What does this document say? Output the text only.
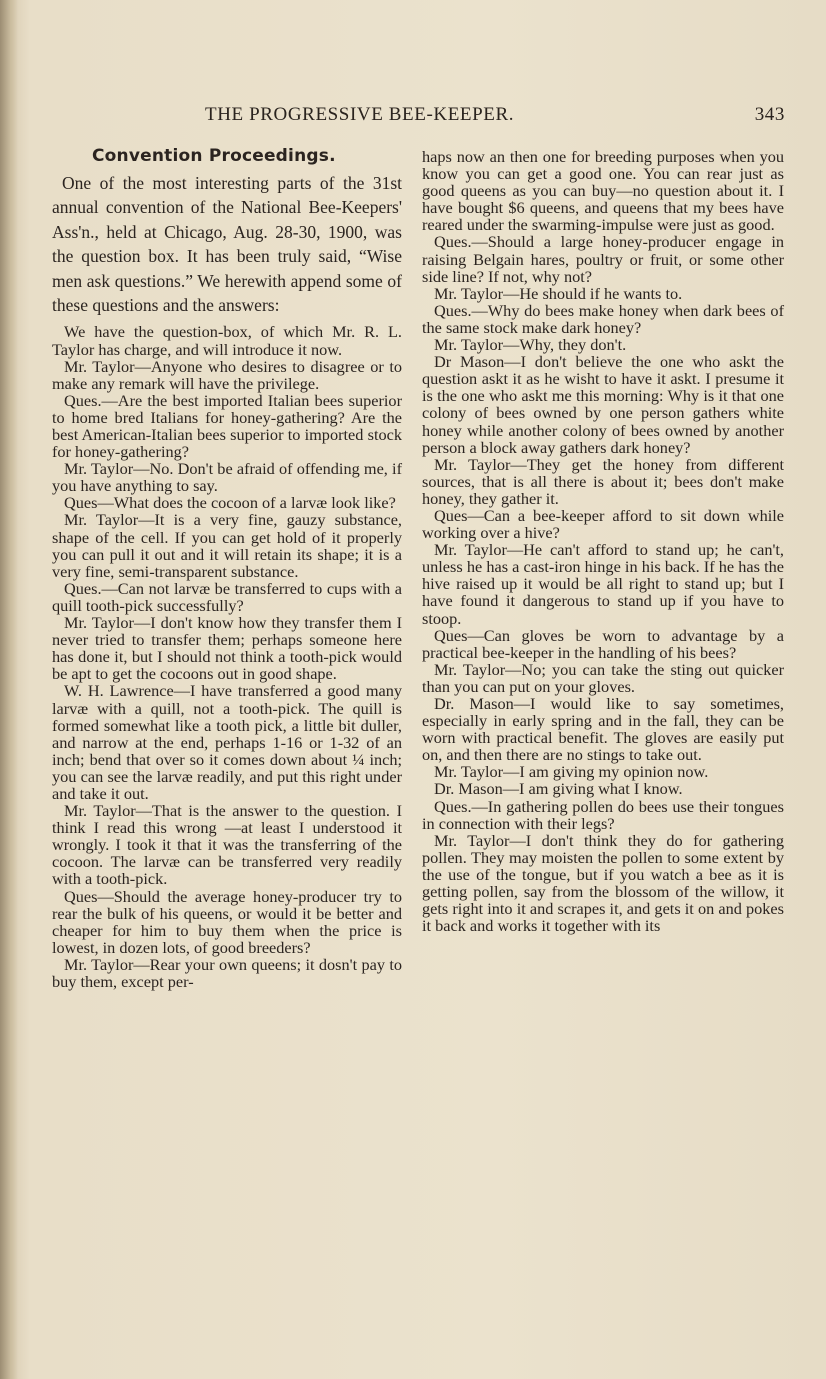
THE PROGRESSIVE BEE-KEEPER.	343
Convention Proceedings.

One of the most interesting parts of the 31st annual convention of the National Bee-Keepers' Ass'n., held at Chicago, Aug. 28-30, 1900, was the question box. It has been truly said, “Wise men ask questions.” We herewith append some of these questions and the answers:

We have the question-box, of which Mr. R. L. Taylor has charge, and will introduce it now.

Mr. Taylor—Anyone who desires to disagree or to make any remark will have the privilege.

Ques.—Are the best imported Italian bees superior to home bred Italians for honey-gathering? Are the best American-Italian bees superior to imported stock for honey-gathering?

Mr. Taylor—No. Don't be afraid of offending me, if you have anything to say.

Ques—What does the cocoon of a larvæ look like?

Mr. Taylor—It is a very fine, gauzy substance, shape of the cell. If you can get hold of it properly you can pull it out and it will retain its shape; it is a very fine, semi-transparent substance.

Ques.—Can not larvæ be transferred to cups with a quill tooth-pick successfully?

Mr. Taylor—I don't know how they transfer them I never tried to transfer them; perhaps someone here has done it, but I should not think a tooth-pick would be apt to get the cocoons out in good shape.

W. H. Lawrence—I have transferred a good many larvæ with a quill, not a tooth-pick. The quill is formed somewhat like a tooth pick, a little bit duller, and narrow at the end, perhaps 1-16 or 1-32 of an inch; bend that over so it comes down about ¼ inch; you can see the larvæ readily, and put this right under and take it out.

Mr. Taylor—That is the answer to the question. I think I read this wrong —at least I understood it wrongly. I took it that it was the transferring of the cocoon. The larvæ can be transferred very readily with a tooth-pick.

Ques—Should the average honey-producer try to rear the bulk of his queens, or would it be better and cheaper for him to buy them when the price is lowest, in dozen lots, of good breeders?

Mr. Taylor—Rear your own queens; it dosn't pay to buy them, except per-

haps now an then one for breeding purposes when you know you can get a good one. You can rear just as good queens as you can buy—no question about it. I have bought $6 queens, and queens that my bees have reared under the swarming-impulse were just as good.

Ques.—Should a large honey-producer engage in raising Belgain hares, poultry or fruit, or some other side line? If not, why not?

Mr. Taylor—He should if he wants to.

Ques.—Why do bees make honey when dark bees of the same stock make dark honey?

Mr. Taylor—Why, they don't.

Dr Mason—I don't believe the one who askt the question askt it as he wisht to have it askt. I presume it is the one who askt me this morning: Why is it that one colony of bees owned by one person gathers white honey while another colony of bees owned by another person a block away gathers dark honey?

Mr. Taylor—They get the honey from different sources, that is all there is about it; bees don't make honey, they gather it.

Ques—Can a bee-keeper afford to sit down while working over a hive?

Mr. Taylor—He can't afford to stand up; he can't, unless he has a cast-iron hinge in his back. If he has the hive raised up it would be all right to stand up; but I have found it dangerous to stand up if you have to stoop.

Ques—Can gloves be worn to advantage by a practical bee-keeper in the handling of his bees?

Mr. Taylor—No; you can take the sting out quicker than you can put on your gloves.

Dr. Mason—I would like to say sometimes, especially in early spring and in the fall, they can be worn with practical benefit. The gloves are easily put on, and then there are no stings to take out.

Mr. Taylor—I am giving my opinion now.

Dr. Mason—I am giving what I know.

Ques.—In gathering pollen do bees use their tongues in connection with their legs?

Mr. Taylor—I don't think they do for gathering pollen. They may moisten the pollen to some extent by the use of the tongue, but if you watch a bee as it is getting pollen, say from the blossom of the willow, it gets right into it and scrapes it, and gets it on and pokes it back and works it together with its
